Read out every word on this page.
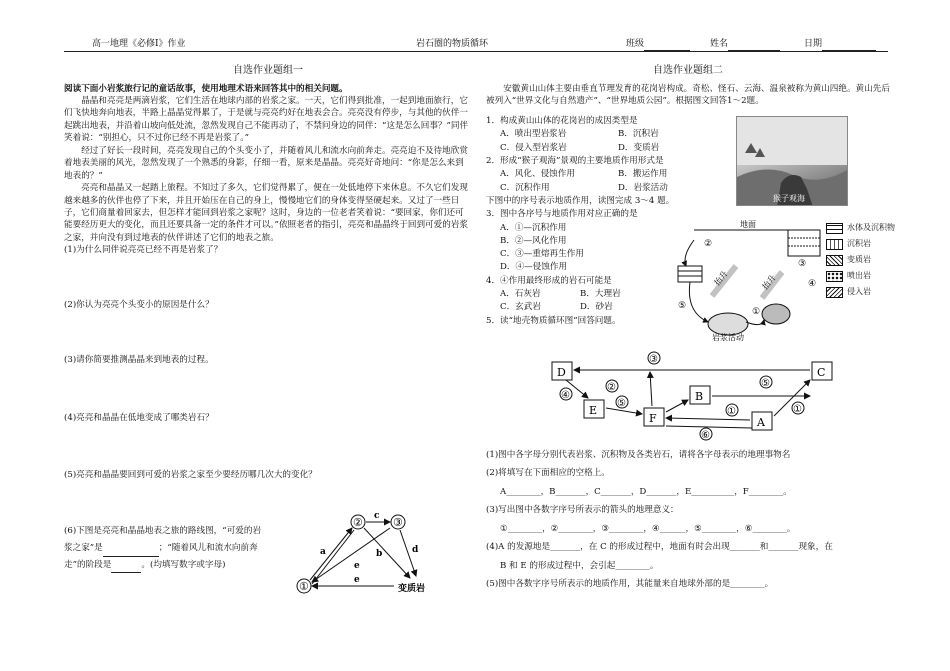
高一地理《必修Ⅰ》作业	岩石圈的物质循环	班级	姓名	日期
自选作业题组一

阅读下面小岩浆旅行记的童话故事，使用地理术语来回答其中的相关问题。

晶晶和亮亮是两滴岩浆，它们生活在地球内部的岩浆之家。一天，它们得到批准，一起到地面旅行，它们飞快地奔向地表，半路上晶晶觉得累了，于是就与亮亮约好在地表会合。亮亮没有停步，与其他的伙伴一起跳出地表，并沿着山坡向低处流，忽然发现自己不能再动了，不禁问身边的同伴：“这是怎么回事？”同伴笑着说：“别担心，只不过你已经不再是岩浆了。”

经过了好长一段时间，亮亮发现自己的个头变小了，并随着风儿和流水向前奔走。亮亮迫不及待地欣赏着地表美丽的风光，忽然发现了一个熟悉的身影，仔细一看，原来是晶晶。亮亮好奇地问：“你是怎么来到地表的？”

亮亮和晶晶又一起踏上旅程。不知过了多久，它们觉得累了，便在一处低地停下来休息。不久它们发现越来越多的伙伴也停了下来，并且开始压在自己的身上，慢慢地它们的身体变得坚硬起来。又过了一些日子，它们商量着回家去，但怎样才能回到岩浆之家呢？这时，身边的一位老者笑着说：“要回家，你们还可能要经历更大的变化，而且还要具备一定的条件才可以。”依照老者的指引，亮亮和晶晶终于回到可爱的岩浆之家，并向没有到过地表的伙伴讲述了它们的地表之旅。

(1)为什么同伴说亮亮已经不再是岩浆了？

(2)你认为亮亮个头变小的原因是什么？
(3)请你简要推测晶晶来到地表的过程。
(4)亮亮和晶晶在低地变成了哪类岩石？
(5)亮亮和晶晶要回到可爱的岩浆之家至少要经历哪几次大的变化？
(6)下图是亮亮和晶晶地表之旅的路线图，“可爱的岩
浆之家”是	；“随着风儿和流水向前奔
走”的阶段是	。(均填写数字或字母)
①
②	③
变质岩
a
c
b	d
e
e
自选作业题组二

安徽黄山山体主要由垂直节理发育的花岗岩构成。奇松、怪石、云海、温泉被称为黄山四绝。黄山先后被列入“世界文化与自然遗产”、“世界地质公园”。根据图文回答1～2题。

1．构成黄山山体的花岗岩的成因类型是
A．喷出型岩浆岩	B．沉积岩
C．侵入型岩浆岩	D．变质岩
2．形成“猴子观海”景观的主要地质作用形式是
A．风化、侵蚀作用	B．搬运作用
C．沉积作用	D．岩浆活动
下图中的序号表示地质作用，读图完成 3～4 题。
3．图中各序号与地质作用对应正确的是
A．①—沉积作用
B．②—风化作用
C．③—重熔再生作用
D．④—侵蚀作用
4．④作用最终形成的岩石可能是
A．石灰岩	B．大理岩
C．玄武岩	D．砂岩
5．读“地壳物质循环图”回答问题。
猴子观海
地面
抬升	抬升
岩浆活动
⑤
①
④
②
③
水体及沉积物
沉积岩
变质岩
喷出岩
侵入岩
D	C
E
F
B
A
③
④
②
⑤
⑤
①	①
⑥
(1)图中各字母分别代表岩浆、沉积物及各类岩石，请将各字母表示的地理事物名
(2)将填写在下面相应的空格上。
A________，B_______，C_______，D_______，E__________，F________。
(3)写出图中各数字序号所表示的箭头的地理意义：
①________，②________，③________，④______，⑤________，⑥________。
(4)A 的发源地是_______，在 C 的形成过程中，地面有时会出现_______和_______现象，在
B 和 E 的形成过程中，会引起________。
(5)图中各数字序号所表示的地质作用，其能量来自地球外部的是________。
